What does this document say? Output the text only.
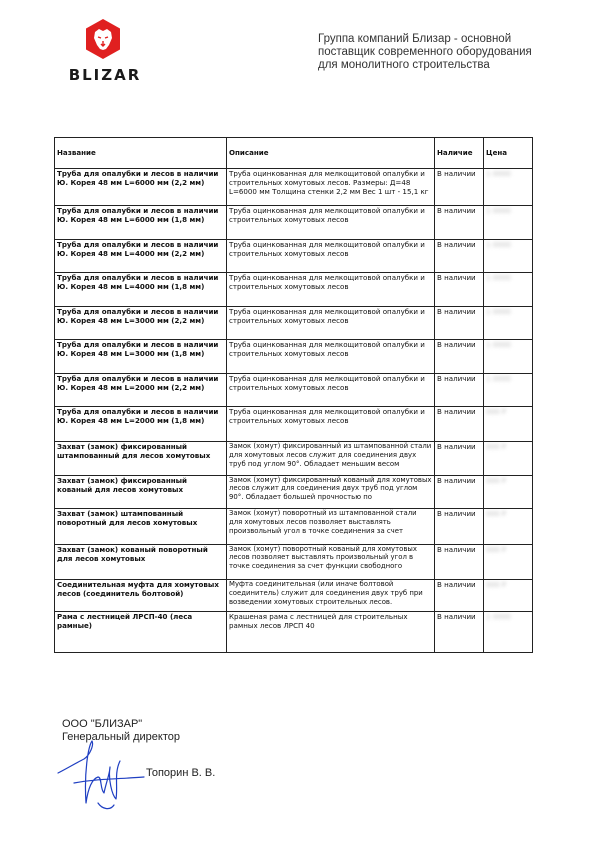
BLIZAR
Группа компаний Близар - основной
поставщик современного оборудования
для монолитного строительства
Название	Описание	Наличие	Цена
Труба для опалубки и лесов в наличии Ю. Корея 48 мм L=6000 мм (2,2 мм)	Труба оцинкованная для мелкощитовой опалубки и строительных хомутовых лесов. Размеры: Д=48 L=6000 мм Толщина стенки 2,2 мм Вес 1 шт - 15,1 кг	В наличии	1 0000
Труба для опалубки и лесов в наличии Ю. Корея 48 мм L=6000 мм (1,8 мм)	Труба оцинкованная для мелкощитовой опалубки и строительных хомутовых лесов	В наличии	1 0000
Труба для опалубки и лесов в наличии Ю. Корея 48 мм L=4000 мм (2,2 мм)	Труба оцинкованная для мелкощитовой опалубки и строительных хомутовых лесов	В наличии	1 0000
Труба для опалубки и лесов в наличии Ю. Корея 48 мм L=4000 мм (1,8 мм)	Труба оцинкованная для мелкощитовой опалубки и строительных хомутовых лесов	В наличии	1 0000
Труба для опалубки и лесов в наличии Ю. Корея 48 мм L=3000 мм (2,2 мм)	Труба оцинкованная для мелкощитовой опалубки и строительных хомутовых лесов	В наличии	1 0000
Труба для опалубки и лесов в наличии Ю. Корея 48 мм L=3000 мм (1,8 мм)	Труба оцинкованная для мелкощитовой опалубки и строительных хомутовых лесов	В наличии	1 0000
Труба для опалубки и лесов в наличии Ю. Корея 48 мм L=2000 мм (2,2 мм)	Труба оцинкованная для мелкощитовой опалубки и строительных хомутовых лесов	В наличии	1 0000
Труба для опалубки и лесов в наличии Ю. Корея 48 мм L=2000 мм (1,8 мм)	Труба оцинкованная для мелкощитовой опалубки и строительных хомутовых лесов	В наличии	000 Р
Захват (замок) фиксированный штампованный для лесов хомутовых	Замок (хомут) фиксированный из штампованной стали для хомутовых лесов служит для соединения двух труб под углом 90°. Обладает меньшим весом	В наличии	000 Р
Захват (замок) фиксированный кованый для лесов хомутовых	Замок (хомут) фиксированный кованый для хомутовых лесов служит для соединения двух труб под углом 90°. Обладает большей прочностью по	В наличии	000 Р
Захват (замок) штампованный поворотный для лесов хомутовых	Замок (хомут) поворотный из штампованной стали для хомутовых лесов позволяет выставлять произвольный угол в точке соединения за счет	В наличии	000 Р
Захват (замок) кованый поворотный для лесов хомутовых	Замок (хомут) поворотный кованый для хомутовых лесов позволяет выставлять произвольный угол в точке соединения за счет функции свободного	В наличии	000 Р
Соединительная муфта для хомутовых лесов (соединитель болтовой)	Муфта соединительная (или иначе болтовой соединитель) служит для соединения двух труб при возведении хомутовых строительных лесов.	В наличии	000 Р
Рама с лестницей ЛРСП-40 (леса рамные)	Крашеная рама с лестницей для строительных рамных лесов ЛРСП 40	В наличии	1 0000
ООО "БЛИЗАР"
Генеральный директор
Топорин В. В.
